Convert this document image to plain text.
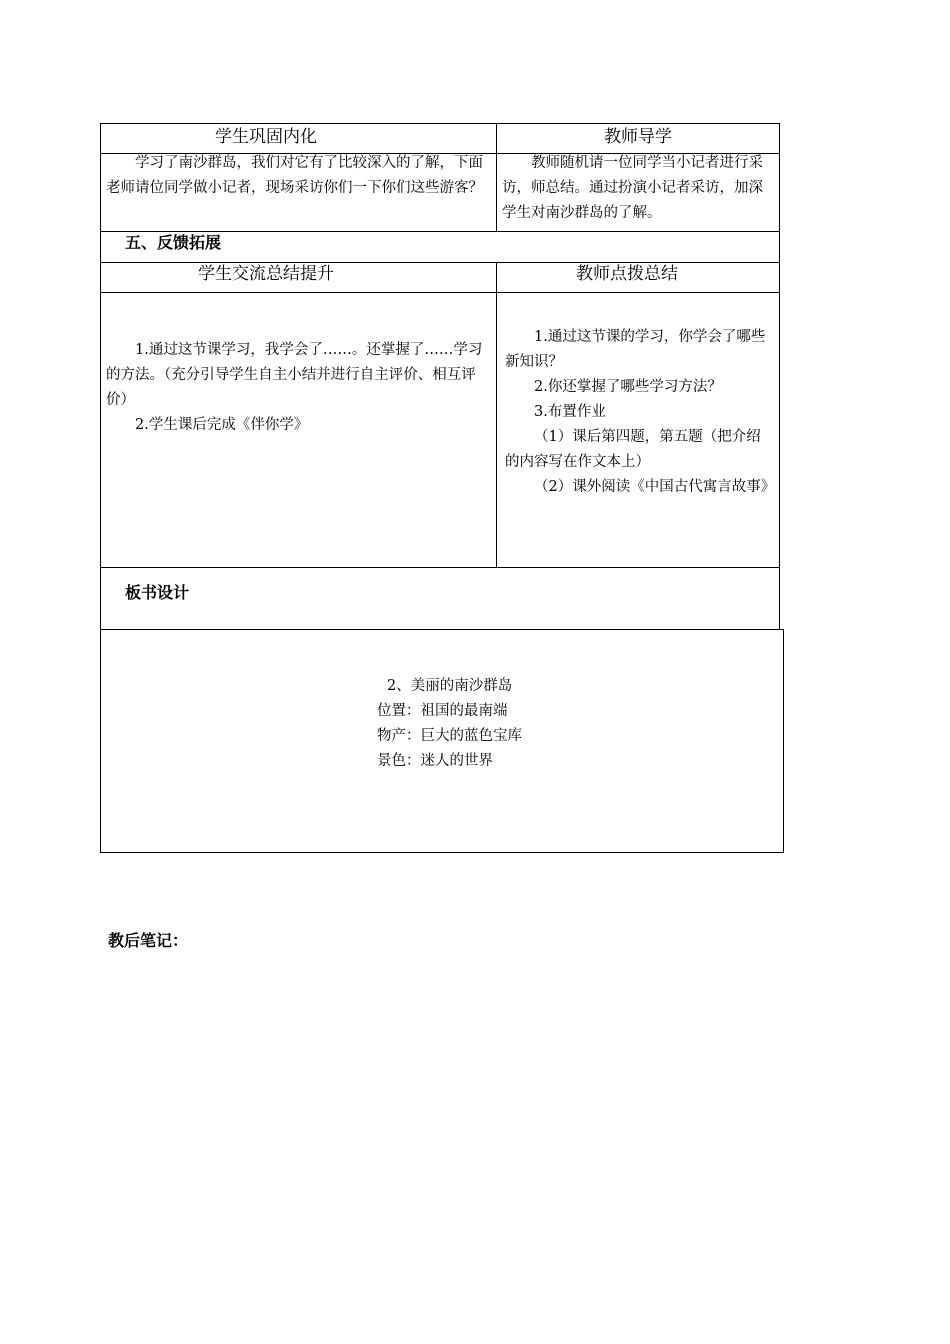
学生巩固内化	教师导学
学习了南沙群岛，我们对它有了比较深入的了解，下面老师请位同学做小记者，现场采访你们一下你们这些游客？
教师随机请一位同学当小记者进行采访，师总结。通过扮演小记者采访，加深学生对南沙群岛的了解。
五、反馈拓展
学生交流总结提升	教师点拨总结
1.通过这节课学习，我学会了……。还掌握了……学习的方法。（充分引导学生自主小结并进行自主评价、相互评价）
2.学生课后完成《伴你学》
1.通过这节课的学习，你学会了哪些新知识？
2.你还掌握了哪些学习方法？
3.布置作业
（1）课后第四题，第五题（把介绍的内容写在作文本上）
（2）课外阅读《中国古代寓言故事》
板书设计
2、美丽的南沙群岛
位置：祖国的最南端
物产：巨大的蓝色宝库
景色：迷人的世界
教后笔记：
